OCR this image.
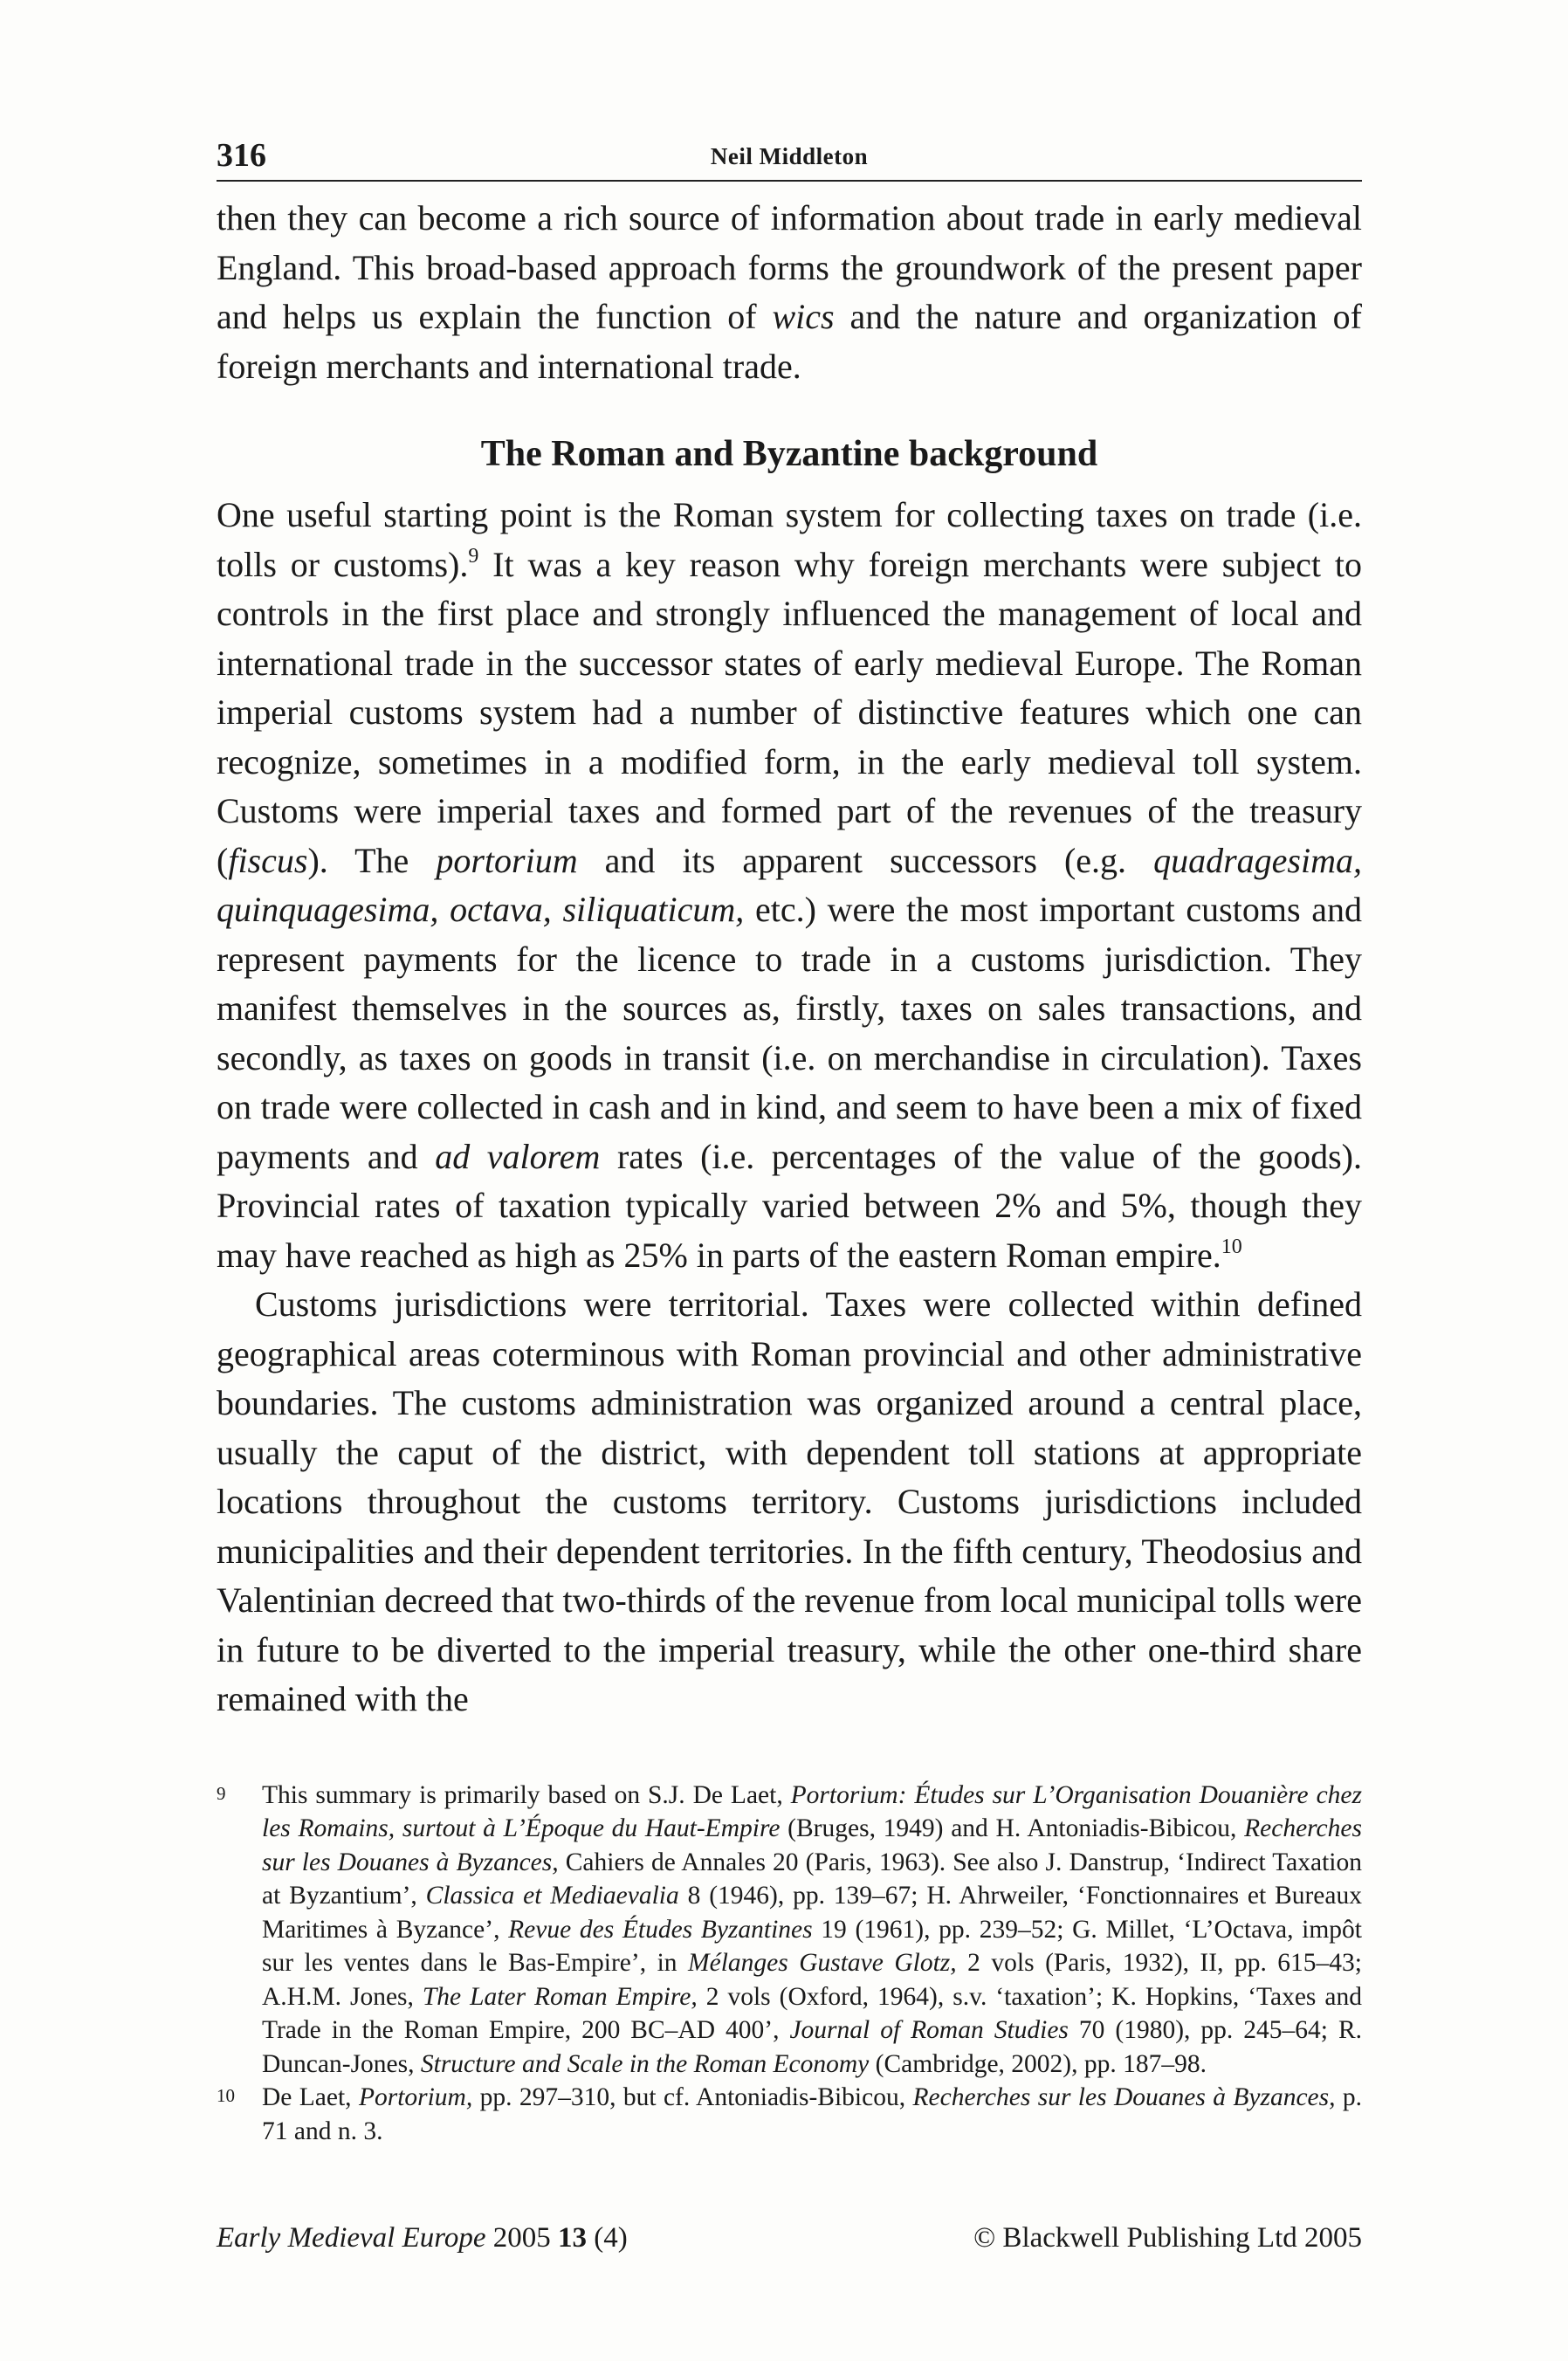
316	Neil Middleton

then they can become a rich source of information about trade in early medieval England. This broad-based approach forms the groundwork of the present paper and helps us explain the function of wics and the nature and organization of foreign merchants and international trade.

The Roman and Byzantine background

One useful starting point is the Roman system for collecting taxes on trade (i.e. tolls or customs).$^9$ It was a key reason why foreign merchants were subject to controls in the first place and strongly influenced the management of local and international trade in the successor states of early medieval Europe. The Roman imperial customs system had a number of distinctive features which one can recognize, sometimes in a modified form, in the early medieval toll system. Customs were imperial taxes and formed part of the revenues of the treasury (fiscus). The portorium and its apparent successors (e.g. quadragesima, quinquagesima, octava, siliquaticum, etc.) were the most important customs and represent payments for the licence to trade in a customs jurisdiction. They manifest themselves in the sources as, firstly, taxes on sales transactions, and secondly, as taxes on goods in transit (i.e. on merchandise in circulation). Taxes on trade were collected in cash and in kind, and seem to have been a mix of fixed payments and ad valorem rates (i.e. percentages of the value of the goods). Provincial rates of taxation typically varied between 2% and 5%, though they may have reached as high as 25% in parts of the eastern Roman empire.$^{10}$

Customs jurisdictions were territorial. Taxes were collected within defined geographical areas coterminous with Roman provincial and other administrative boundaries. The customs administration was organized around a central place, usually the caput of the district, with dependent toll stations at appropriate locations throughout the customs territory. Customs jurisdictions included municipalities and their dependent territories. In the fifth century, Theodosius and Valentinian decreed that two-thirds of the revenue from local municipal tolls were in future to be diverted to the imperial treasury, while the other one-third share remained with the

9 This summary is primarily based on S.J. De Laet, Portorium: Études sur L’Organisation Douanière chez les Romains, surtout à L’Époque du Haut-Empire (Bruges, 1949) and H. Antoniadis-Bibicou, Recherches sur les Douanes à Byzances, Cahiers de Annales 20 (Paris, 1963). See also J. Danstrup, ‘Indirect Taxation at Byzantium’, Classica et Mediaevalia 8 (1946), pp. 139–67; H. Ahrweiler, ‘Fonctionnaires et Bureaux Maritimes à Byzance’, Revue des Études Byzantines 19 (1961), pp. 239–52; G. Millet, ‘L’Octava, impôt sur les ventes dans le Bas-Empire’, in Mélanges Gustave Glotz, 2 vols (Paris, 1932), II, pp. 615–43; A.H.M. Jones, The Later Roman Empire, 2 vols (Oxford, 1964), s.v. ‘taxation’; K. Hopkins, ‘Taxes and Trade in the Roman Empire, 200 BC–AD 400’, Journal of Roman Studies 70 (1980), pp. 245–64; R. Duncan-Jones, Structure and Scale in the Roman Economy (Cambridge, 2002), pp. 187–98.

10 De Laet, Portorium, pp. 297–310, but cf. Antoniadis-Bibicou, Recherches sur les Douanes à Byzances, p. 71 and n. 3.

Early Medieval Europe 2005 13 (4)	© Blackwell Publishing Ltd 2005
